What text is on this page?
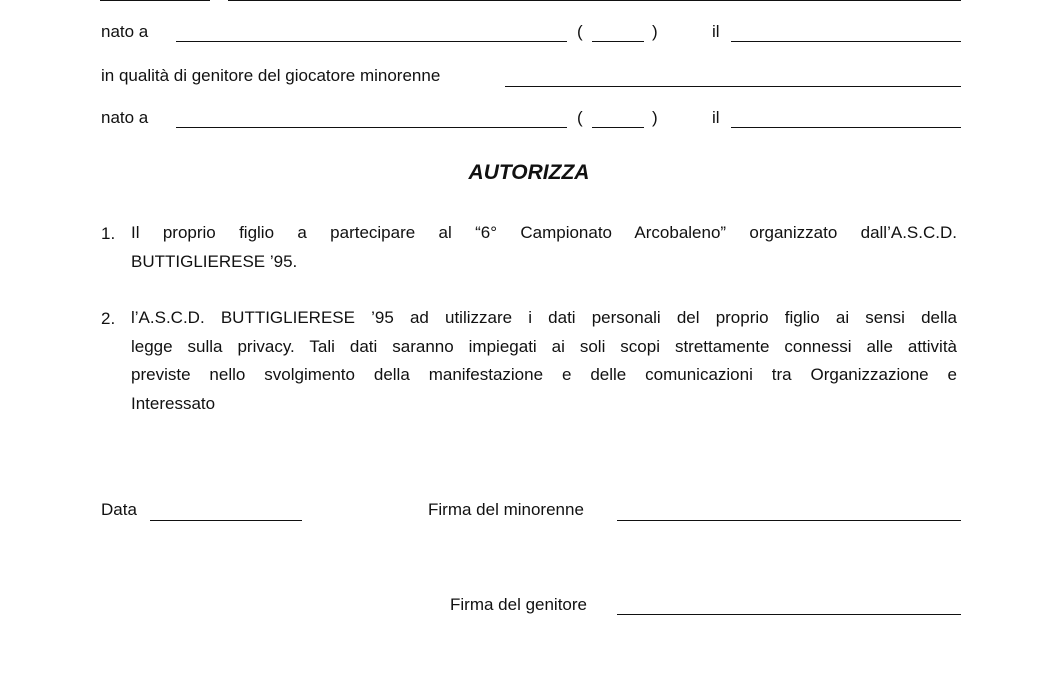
nato a	(	)	il
in qualità di genitore del giocatore minorenne
nato a	(	)	il
AUTORIZZA
1. Il proprio figlio a partecipare al “6° Campionato Arcobaleno” organizzato dall’A.S.C.D.
BUTTIGLIERESE ’95.
2. l’A.S.C.D. BUTTIGLIERESE ’95 ad utilizzare i dati personali del proprio figlio ai sensi della
legge sulla privacy. Tali dati saranno impiegati ai soli scopi strettamente connessi alle attività
previste nello svolgimento della manifestazione e delle comunicazioni tra Organizzazione e
Interessato
Data	Firma del minorenne
Firma del genitore
